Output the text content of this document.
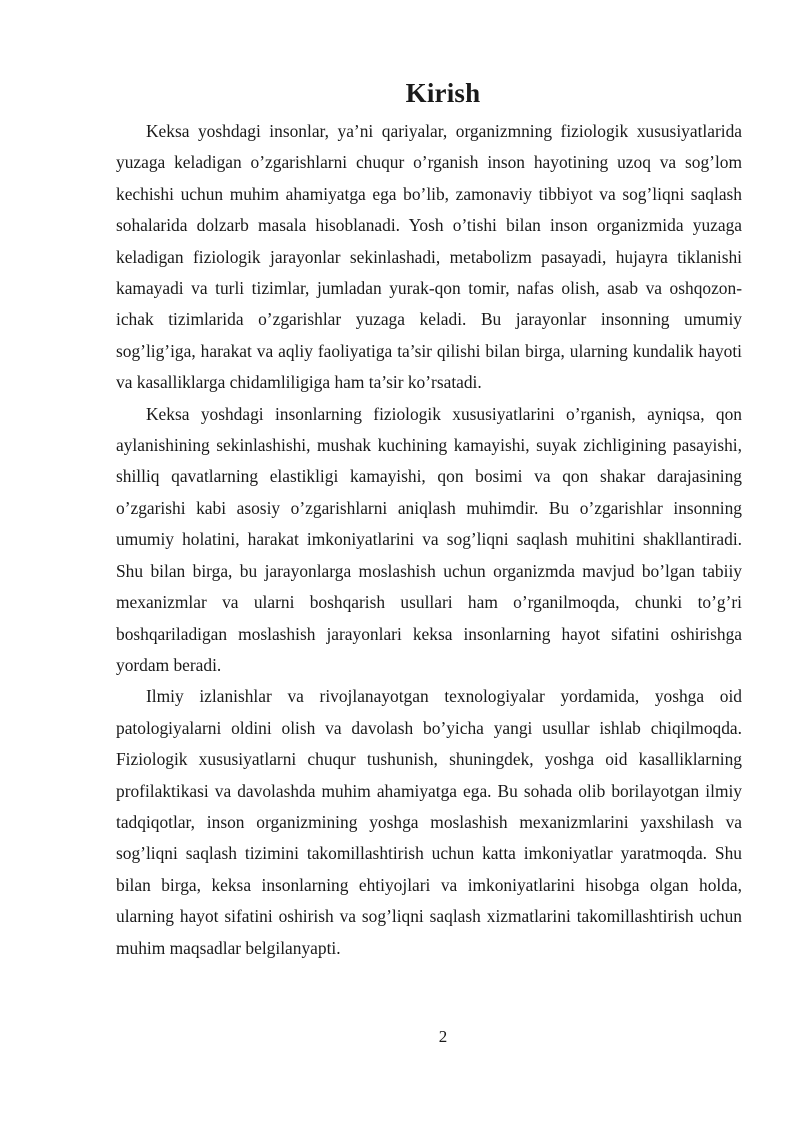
Kirish

Keksa yoshdagi insonlar, ya’ni qariyalar, organizmning fiziologik xususiyatlarida yuzaga keladigan o’zgarishlarni chuqur o’rganish inson hayotining uzoq va sog’lom kechishi uchun muhim ahamiyatga ega bo’lib, zamonaviy tibbiyot va sog’liqni saqlash sohalarida dolzarb masala hisoblanadi. Yosh o’tishi bilan inson organizmida yuzaga keladigan fiziologik jarayonlar sekinlashadi, metabolizm pasayadi, hujayra tiklanishi kamayadi va turli tizimlar, jumladan yurak-qon tomir, nafas olish, asab va oshqozon-ichak tizimlarida o’zgarishlar yuzaga keladi. Bu jarayonlar insonning umumiy sog’lig’iga, harakat va aqliy faoliyatiga ta’sir qilishi bilan birga, ularning kundalik hayoti va kasalliklarga chidamliligiga ham ta’sir ko’rsatadi.

Keksa yoshdagi insonlarning fiziologik xususiyatlarini o’rganish, ayniqsa, qon aylanishining sekinlashishi, mushak kuchining kamayishi, suyak zichligining pasayishi, shilliq qavatlarning elastikligi kamayishi, qon bosimi va qon shakar darajasining o’zgarishi kabi asosiy o’zgarishlarni aniqlash muhimdir. Bu o’zgarishlar insonning umumiy holatini, harakat imkoniyatlarini va sog’liqni saqlash muhitini shakllantiradi. Shu bilan birga, bu jarayonlarga moslashish uchun organizmda mavjud bo’lgan tabiiy mexanizmlar va ularni boshqarish usullari ham o’rganilmoqda, chunki to’g’ri boshqariladigan moslashish jarayonlari keksa insonlarning hayot sifatini oshirishga yordam beradi.

Ilmiy izlanishlar va rivojlanayotgan texnologiyalar yordamida, yoshga oid patologiyalarni oldini olish va davolash bo’yicha yangi usullar ishlab chiqilmoqda. Fiziologik xususiyatlarni chuqur tushunish, shuningdek, yoshga oid kasalliklarning profilaktikasi va davolashda muhim ahamiyatga ega. Bu sohada olib borilayotgan ilmiy tadqiqotlar, inson organizmining yoshga moslashish mexanizmlarini yaxshilash va sog’liqni saqlash tizimini takomillashtirish uchun katta imkoniyatlar yaratmoqda. Shu bilan birga, keksa insonlarning ehtiyojlari va imkoniyatlarini hisobga olgan holda, ularning hayot sifatini oshirish va sog’liqni saqlash xizmatlarini takomillashtirish uchun muhim maqsadlar belgilanyapti.

2
